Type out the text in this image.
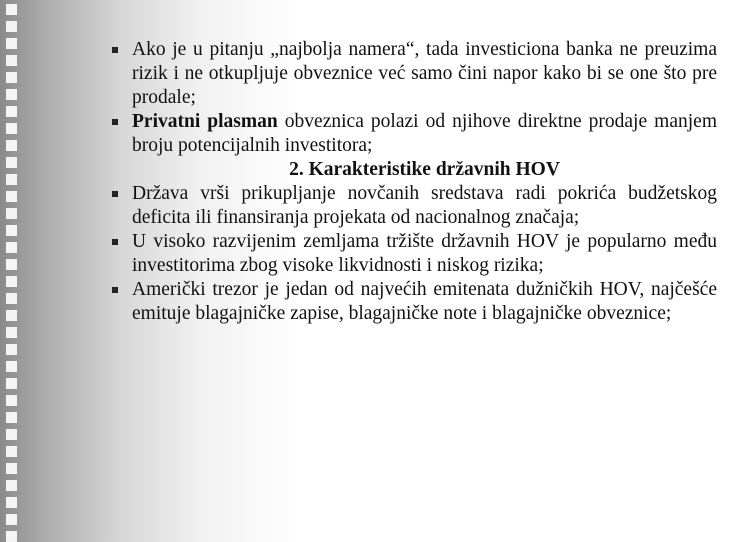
Ako je u pitanju „najbolja namera“, tada investiciona banka ne preuzima rizik i ne otkupljuje obveznice već samo čini napor kako bi se one što pre prodale;
Privatni plasman obveznica polazi od njihove direktne prodaje manjem broju potencijalnih investitora;
2. Karakteristike državnih HOV
Država vrši prikupljanje novčanih sredstava radi pokrića budžetskog deficita ili finansiranja projekata od nacionalnog značaja;
U visoko razvijenim zemljama tržište državnih HOV je popularno među investitorima zbog visoke likvidnosti i niskog rizika;
Američki trezor je jedan od najvećih emitenata dužničkih HOV, najčešće emituje blagajničke zapise, blagajničke note i blagajničke obveznice;
